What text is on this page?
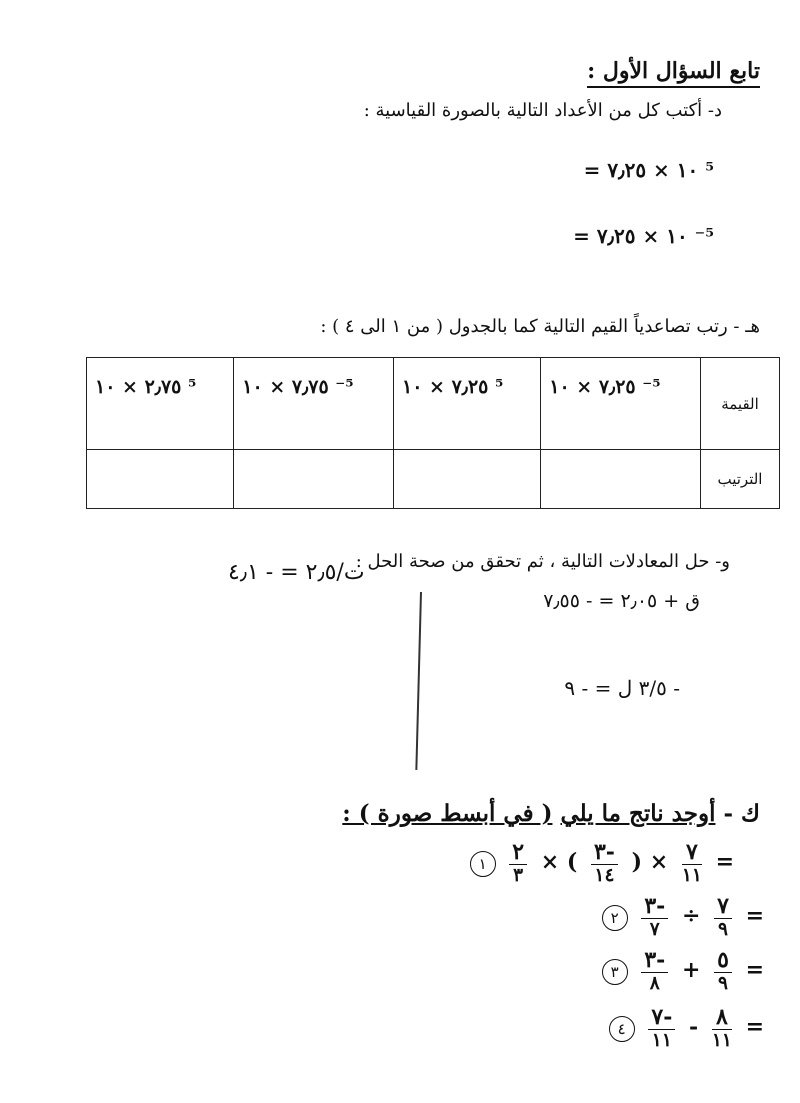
تابع السؤال الأول :
د- أكتب كل من الأعداد التالية بالصورة القياسية :
= ١٠ × ٧٫٢٥ ⁵
= ١٠ × ٧٫٢٥ ⁻⁵
هـ - رتب تصاعدياً القيم التالية كما بالجدول ( من ١ الى ٤ ) :
القيمة	٧٫٢٥ × ١٠ ⁻⁵	٧٫٢٥ × ١٠ ⁵	٧٫٧٥ × ١٠ ⁻⁵	٢٫٧٥ × ١٠ ⁵
الترتيب				
و- حل المعادلات التالية ، ثم تحقق من صحة الحل :
ق + ٢٫٠٥ = - ٧٫٥٥
- ٣/٥ ل = - ٩
ت/٢٫٥ = - ٤٫١
ك - أوجد ناتج ما يلي ( في أبسط صورة ) :
١ $\frac{٢}{٣}$ × ( $\frac{-٣}{١٤}$ ) × $\frac{٧}{١١}$ =
٢ $\frac{-٣}{٧} \div \frac{٧}{٩}$ =
٣ $\frac{-٣}{٨} + \frac{٥}{٩}$ =
٤ $\frac{-٧}{١١} - \frac{٨}{١١}$ =
